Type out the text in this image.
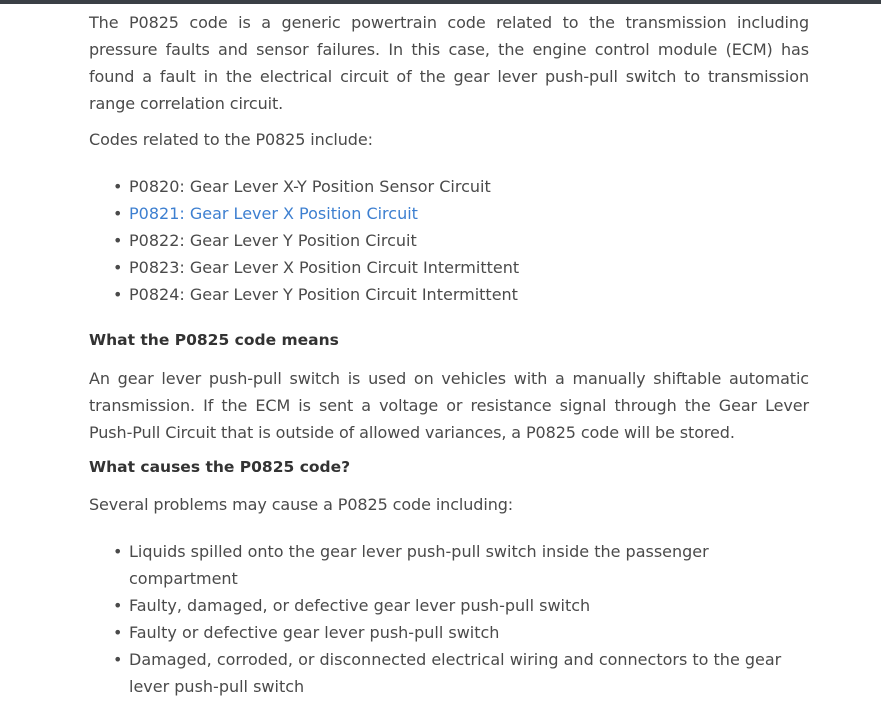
The P0825 code is a generic powertrain code related to the transmission including pressure faults and sensor failures. In this case, the engine control module (ECM) has found a fault in the electrical circuit of the gear lever push-pull switch to transmission range correlation circuit.

Codes related to the P0825 include:

• P0820: Gear Lever X-Y Position Sensor Circuit
• P0821: Gear Lever X Position Circuit
• P0822: Gear Lever Y Position Circuit
• P0823: Gear Lever X Position Circuit Intermittent
• P0824: Gear Lever Y Position Circuit Intermittent
What the P0825 code means

An gear lever push-pull switch is used on vehicles with a manually shiftable automatic transmission. If the ECM is sent a voltage or resistance signal through the Gear Lever Push-Pull Circuit that is outside of allowed variances, a P0825 code will be stored.

What causes the P0825 code?

Several problems may cause a P0825 code including:

• Liquids spilled onto the gear lever push-pull switch inside the passenger compartment
• Faulty, damaged, or defective gear lever push-pull switch
• Faulty or defective gear lever push-pull switch
• Damaged, corroded, or disconnected electrical wiring and connectors to the gear lever push-pull switch
